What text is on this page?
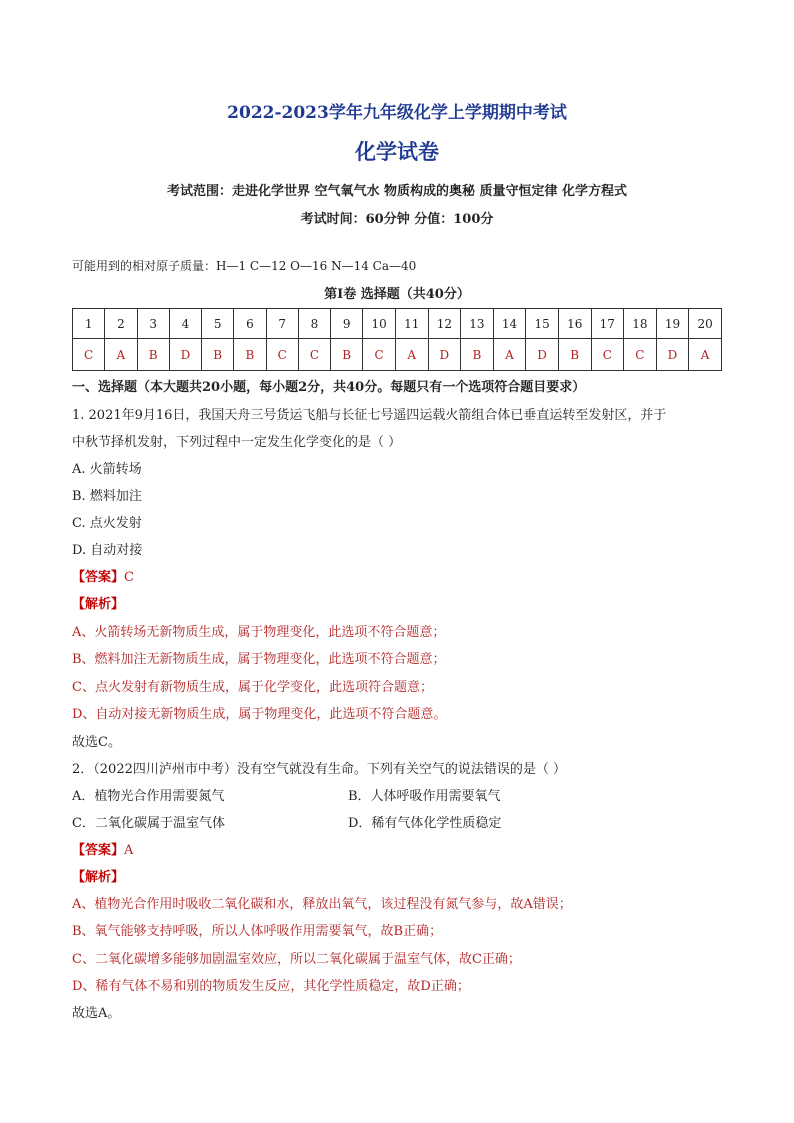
2022-2023学年九年级化学上学期期中考试
化学试卷
考试范围：走进化学世界 空气氧气水 物质构成的奥秘 质量守恒定律 化学方程式
考试时间：60分钟 分值：100分
可能用到的相对原子质量：H—1 C—12 O—16 N—14 Ca—40
第Ⅰ卷 选择题（共40分）
1	2	3	4	5	6	7	8	9	10	11	12	13	14	15	16	17	18	19	20
C	A	B	D	B	B	C	C	B	C	A	D	B	A	D	B	C	C	D	A
一、选择题（本大题共20小题，每小题2分，共40分。每题只有一个选项符合题目要求）
1. 2021年9月16日，我国天舟三号货运飞船与长征七号遥四运载火箭组合体已垂直运转至发射区，并于
中秋节择机发射，下列过程中一定发生化学变化的是（ ）
A. 火箭转场
B. 燃料加注
C. 点火发射
D. 自动对接
【答案】C
【解析】
A、火箭转场无新物质生成，属于物理变化，此选项不符合题意；
B、燃料加注无新物质生成，属于物理变化，此选项不符合题意；
C、点火发射有新物质生成，属于化学变化，此选项符合题意；
D、自动对接无新物质生成，属于物理变化，此选项不符合题意。
故选C。
2．（2022四川泸州市中考）没有空气就没有生命。下列有关空气的说法错误的是（ ）
A．植物光合作用需要氮气	B．人体呼吸作用需要氧气
C．二氧化碳属于温室气体	D．稀有气体化学性质稳定
【答案】A
【解析】
A、植物光合作用时吸收二氧化碳和水，释放出氧气，该过程没有氮气参与，故A错误；
B、氧气能够支持呼吸，所以人体呼吸作用需要氧气，故B正确；
C、二氧化碳增多能够加剧温室效应，所以二氧化碳属于温室气体，故C正确；
D、稀有气体不易和别的物质发生反应，其化学性质稳定，故D正确；
故选A。
